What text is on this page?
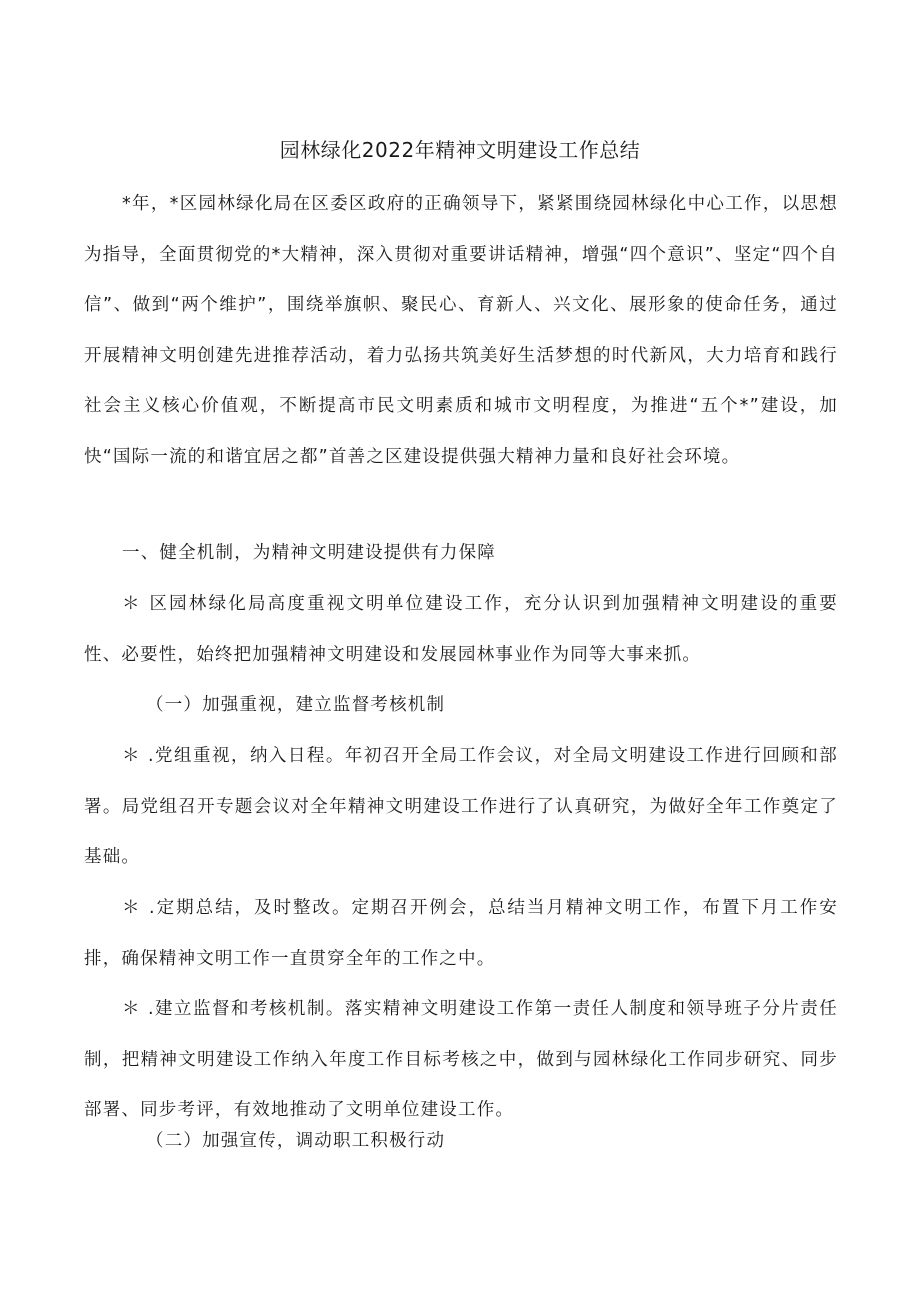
园林绿化2022年精神文明建设工作总结
*年，*区园林绿化局在区委区政府的正确领导下，紧紧围绕园林绿化中心工作，以思想为指导，全面贯彻党的*大精神，深入贯彻对重要讲话精神，增强“四个意识”、坚定“四个自信”、做到“两个维护”，围绕举旗帜、聚民心、育新人、兴文化、展形象的使命任务，通过开展精神文明创建先进推荐活动，着力弘扬共筑美好生活梦想的时代新风，大力培育和践行社会主义核心价值观，不断提高市民文明素质和城市文明程度，为推进“五个*”建设，加快“国际一流的和谐宜居之都”首善之区建设提供强大精神力量和良好社会环境。
一、健全机制，为精神文明建设提供有力保障
＊ 区园林绿化局高度重视文明单位建设工作，充分认识到加强精神文明建设的重要性、必要性，始终把加强精神文明建设和发展园林事业作为同等大事来抓。
（一）加强重视，建立监督考核机制
＊ .党组重视，纳入日程。年初召开全局工作会议，对全局文明建设工作进行回顾和部署。局党组召开专题会议对全年精神文明建设工作进行了认真研究，为做好全年工作奠定了基础。
＊ .定期总结，及时整改。定期召开例会，总结当月精神文明工作，布置下月工作安排，确保精神文明工作一直贯穿全年的工作之中。
＊ .建立监督和考核机制。落实精神文明建设工作第一责任人制度和领导班子分片责任制，把精神文明建设工作纳入年度工作目标考核之中，做到与园林绿化工作同步研究、同步部署、同步考评，有效地推动了文明单位建设工作。
（二）加强宣传，调动职工积极行动
